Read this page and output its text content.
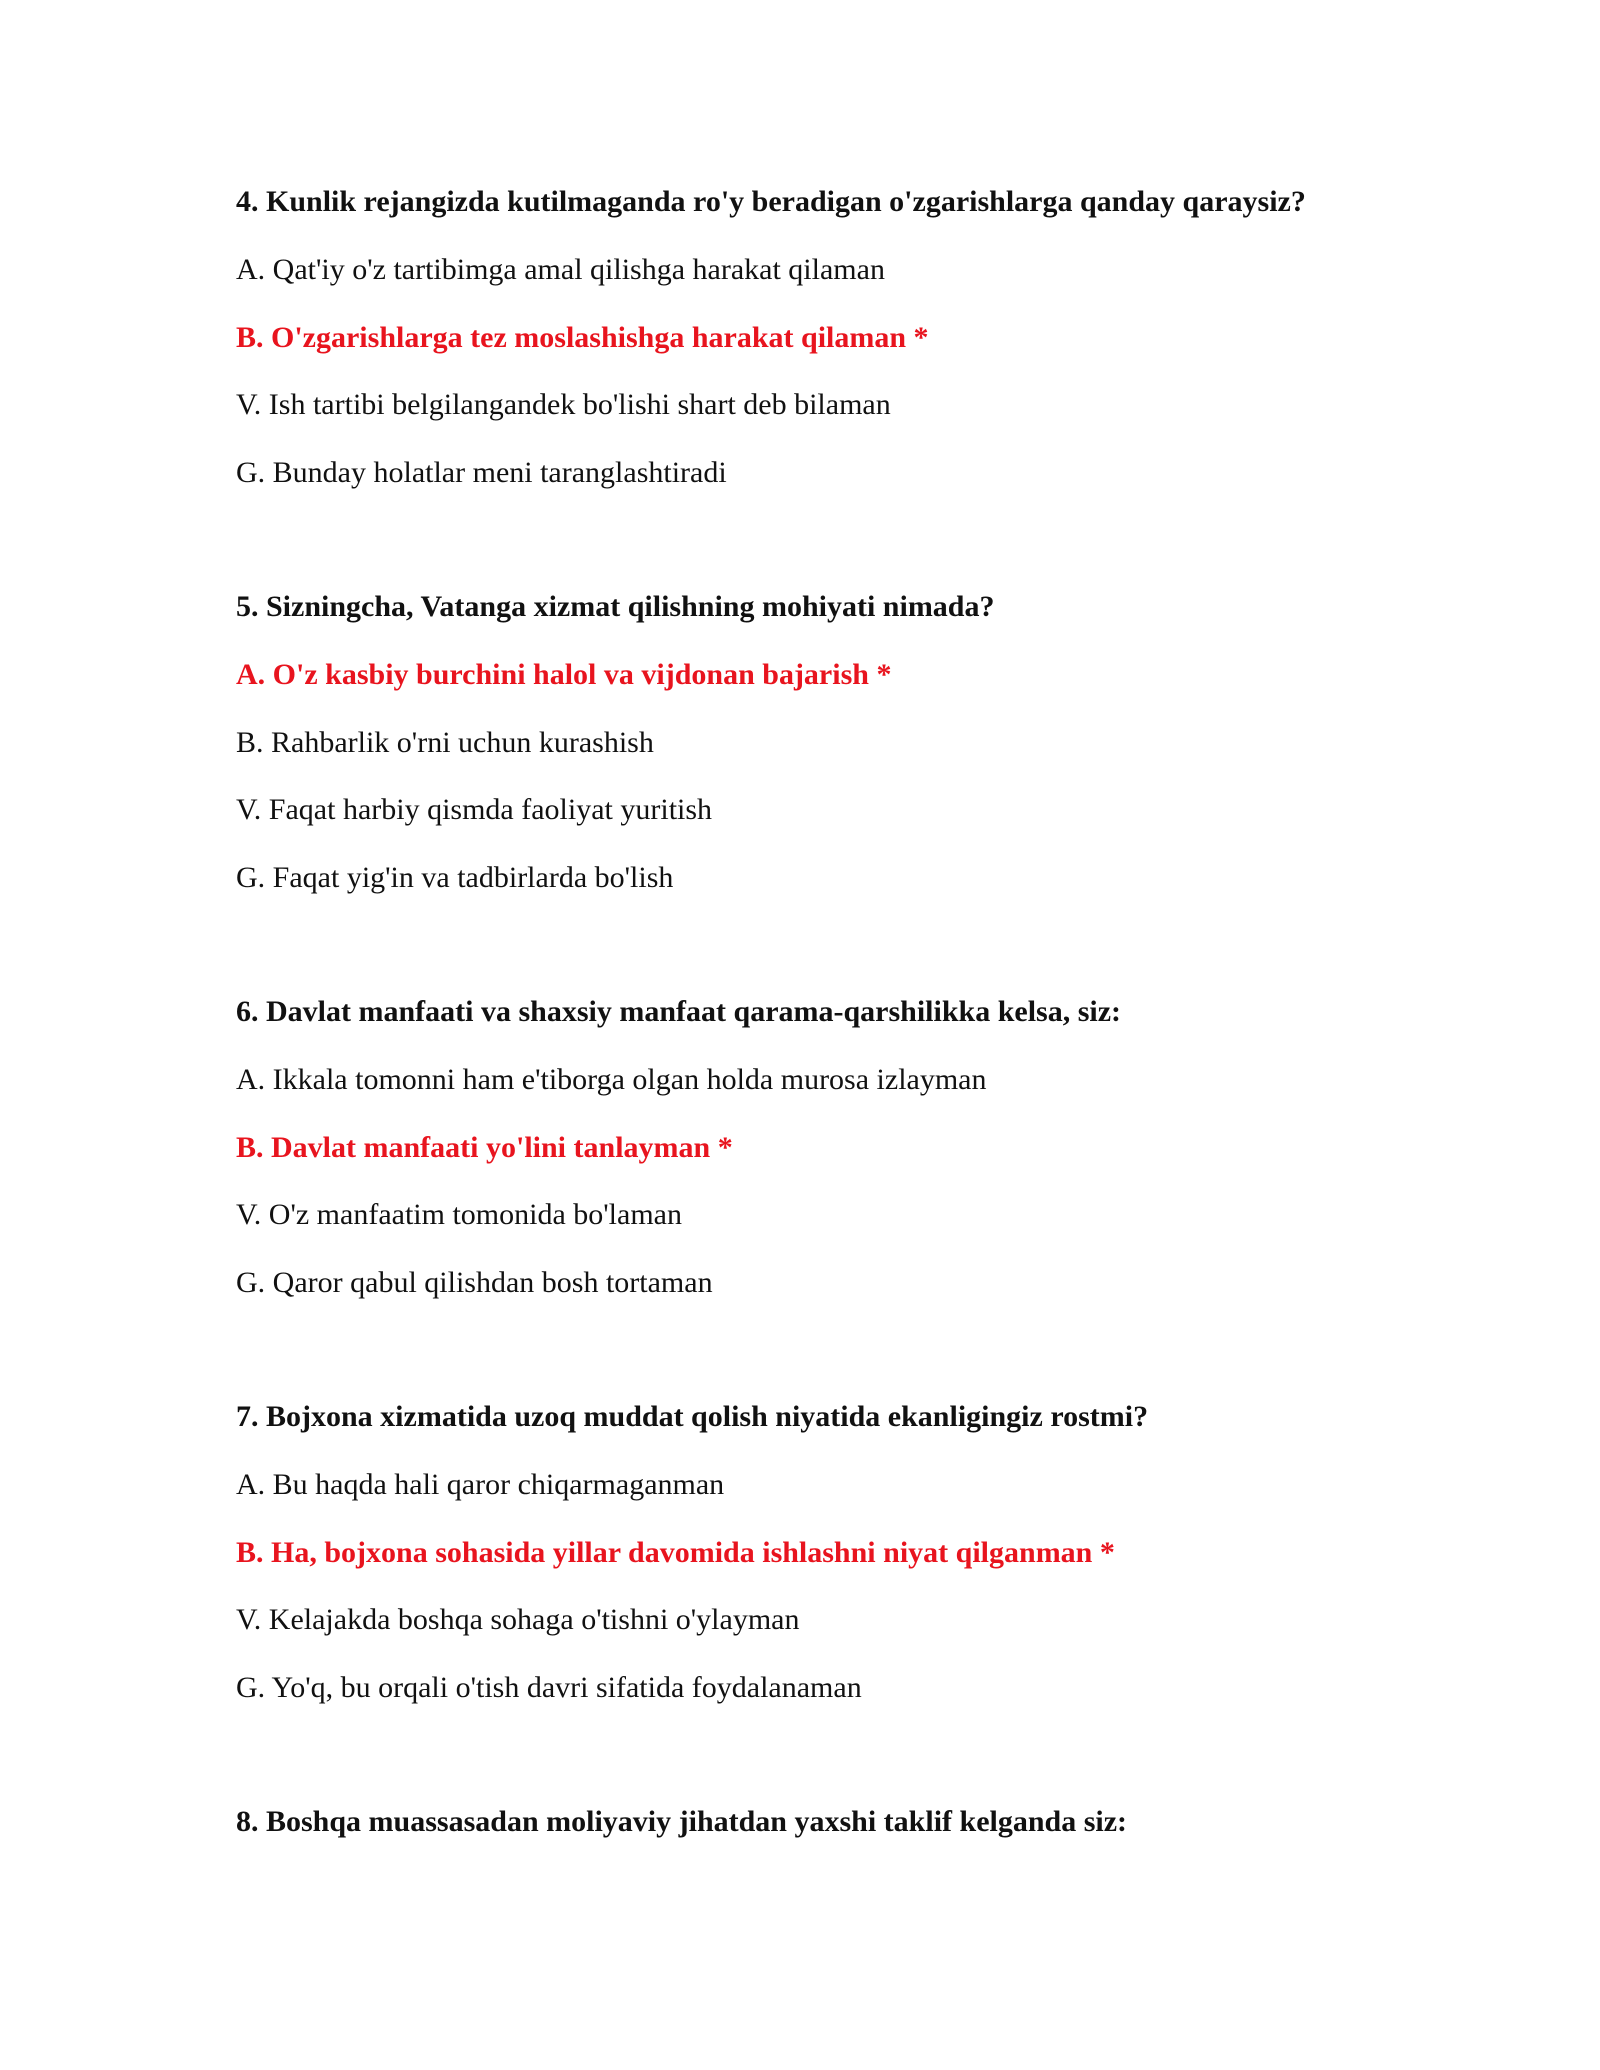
4. Kunlik rejangizda kutilmaganda ro'y beradigan o'zgarishlarga qanday qaraysiz?
A. Qat'iy o'z tartibimga amal qilishga harakat qilaman
B. O'zgarishlarga tez moslashishga harakat qilaman *
V. Ish tartibi belgilangandek bo'lishi shart deb bilaman
G. Bunday holatlar meni taranglashtiradi
5. Sizningcha, Vatanga xizmat qilishning mohiyati nimada?
A. O'z kasbiy burchini halol va vijdonan bajarish *
B. Rahbarlik o'rni uchun kurashish
V. Faqat harbiy qismda faoliyat yuritish
G. Faqat yig'in va tadbirlarda bo'lish
6. Davlat manfaati va shaxsiy manfaat qarama-qarshilikka kelsa, siz:
A. Ikkala tomonni ham e'tiborga olgan holda murosa izlayman
B. Davlat manfaati yo'lini tanlayman *
V. O'z manfaatim tomonida bo'laman
G. Qaror qabul qilishdan bosh tortaman
7. Bojxona xizmatida uzoq muddat qolish niyatida ekanligingiz rostmi?
A. Bu haqda hali qaror chiqarmaganman
B. Ha, bojxona sohasida yillar davomida ishlashni niyat qilganman *
V. Kelajakda boshqa sohaga o'tishni o'ylayman
G. Yo'q, bu orqali o'tish davri sifatida foydalanaman
8. Boshqa muassasadan moliyaviy jihatdan yaxshi taklif kelganda siz:
